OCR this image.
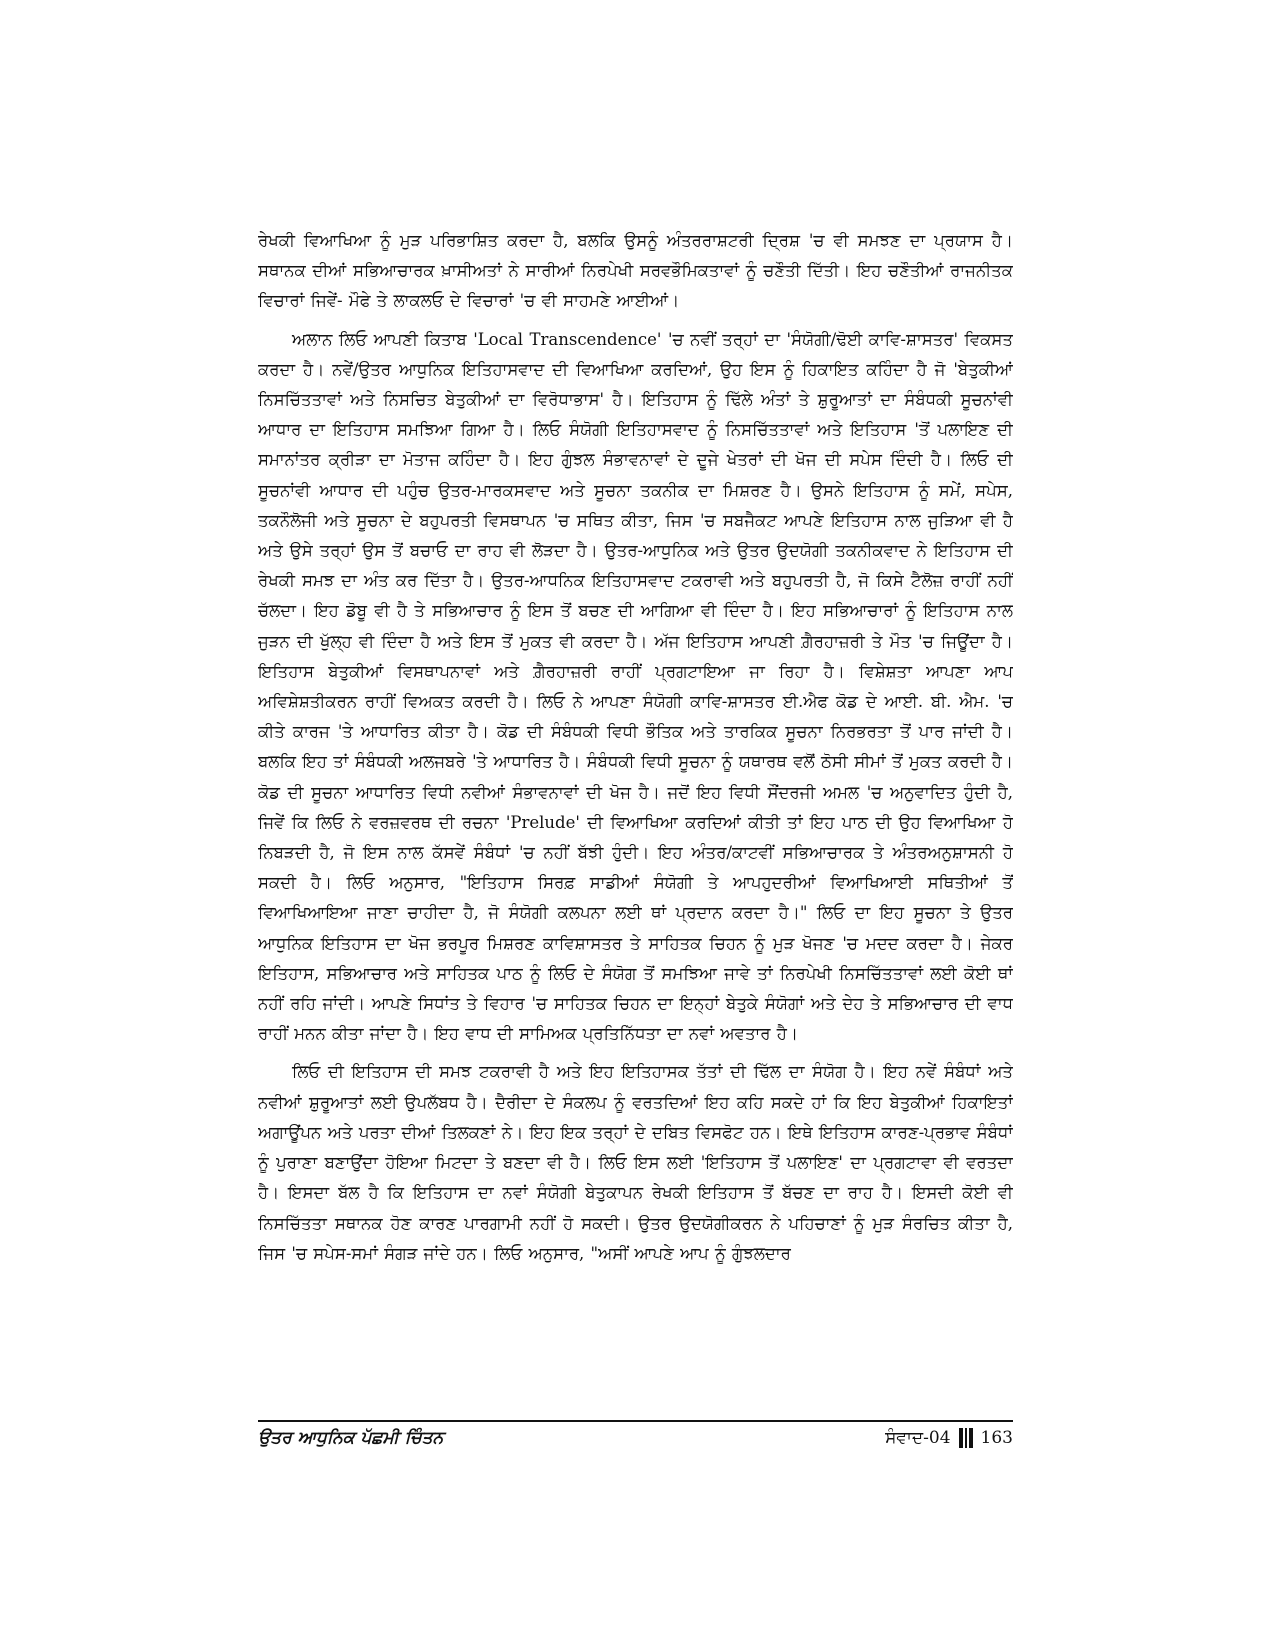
ਰੇਖਕੀ ਵਿਆਖਿਆ ਨੂੰ ਮੁੜ ਪਰਿਭਾਸ਼ਿਤ ਕਰਦਾ ਹੈ, ਬਲਕਿ ਉਸਨੂੰ ਅੰਤਰਰਾਸ਼ਟਰੀ ਦ੍ਰਿਸ਼ 'ਚ ਵੀ ਸਮਝਣ ਦਾ ਪ੍ਰਯਾਸ ਹੈ। ਸਥਾਨਕ ਦੀਆਂ ਸਭਿਆਚਾਰਕ ਖ਼ਾਸੀਅਤਾਂ ਨੇ ਸਾਰੀਆਂ ਨਿਰਪੇਖੀ ਸਰਵਭੌਮਿਕਤਾਵਾਂ ਨੂੰ ਚਣੌਤੀ ਦਿੱਤੀ। ਇਹ ਚਣੌਤੀਆਂ ਰਾਜਨੀਤਕ ਵਿਚਾਰਾਂ ਜਿਵੇਂ- ਮੌਫੇ ਤੇ ਲਾਕਲਓ ਦੇ ਵਿਚਾਰਾਂ 'ਚ ਵੀ ਸਾਹਮਣੇ ਆਈਆਂ।

ਅਲਾਨ ਲਿਓ ਆਪਣੀ ਕਿਤਾਬ 'Local Transcendence' 'ਚ ਨਵੀਂ ਤਰ੍ਹਾਂ ਦਾ 'ਸੰਯੋਗੀ/ਢੋਈ ਕਾਵਿ-ਸ਼ਾਸਤਰ' ਵਿਕਸਤ ਕਰਦਾ ਹੈ। ਨਵੇਂ/ਉਤਰ ਆਧੁਨਿਕ ਇਤਿਹਾਸਵਾਦ ਦੀ ਵਿਆਖਿਆ ਕਰਦਿਆਂ, ਉਹ ਇਸ ਨੂੰ ਹਿਕਾਇਤ ਕਹਿੰਦਾ ਹੈ ਜੋ 'ਬੇਤੁਕੀਆਂ ਨਿਸਚਿੱਤਤਾਵਾਂ ਅਤੇ ਨਿਸਚਿਤ ਬੇਤੁਕੀਆਂ ਦਾ ਵਿਰੋਧਾਭਾਸ' ਹੈ। ਇਤਿਹਾਸ ਨੂੰ ਢਿੱਲੇ ਅੰਤਾਂ ਤੇ ਸ਼ੁਰੂਆਤਾਂ ਦਾ ਸੰਬੰਧਕੀ ਸੂਚਨਾਂਵੀ ਆਧਾਰ ਦਾ ਇਤਿਹਾਸ ਸਮਝਿਆ ਗਿਆ ਹੈ। ਲਿਓ ਸੰਯੋਗੀ ਇਤਿਹਾਸਵਾਦ ਨੂੰ ਨਿਸਚਿੱਤਤਾਵਾਂ ਅਤੇ ਇਤਿਹਾਸ 'ਤੋਂ ਪਲਾਇਣ ਦੀ ਸਮਾਨਾਂਤਰ ਕ੍ਰੀੜਾ ਦਾ ਮੋਤਾਜ ਕਹਿੰਦਾ ਹੈ। ਇਹ ਗੁੰਝਲ ਸੰਭਾਵਨਾਵਾਂ ਦੇ ਦੂਜੇ ਖੇਤਰਾਂ ਦੀ ਖੋਜ ਦੀ ਸਪੇਸ ਦਿੰਦੀ ਹੈ। ਲਿਓ ਦੀ ਸੂਚਨਾਂਵੀ ਆਧਾਰ ਦੀ ਪਹੁੰਚ ਉਤਰ-ਮਾਰਕਸਵਾਦ ਅਤੇ ਸੂਚਨਾ ਤਕਨੀਕ ਦਾ ਮਿਸ਼ਰਣ ਹੈ। ਉਸਨੇ ਇਤਿਹਾਸ ਨੂੰ ਸਮੇਂ, ਸਪੇਸ, ਤਕਨੌਲੋਜੀ ਅਤੇ ਸੂਚਨਾ ਦੇ ਬਹੁਪਰਤੀ ਵਿਸਥਾਪਨ 'ਚ ਸਥਿਤ ਕੀਤਾ, ਜਿਸ 'ਚ ਸਬਜੈਕਟ ਆਪਣੇ ਇਤਿਹਾਸ ਨਾਲ ਜੁੜਿਆ ਵੀ ਹੈ ਅਤੇ ਉਸੇ ਤਰ੍ਹਾਂ ਉਸ ਤੋਂ ਬਚਾਓ ਦਾ ਰਾਹ ਵੀ ਲੋੜਦਾ ਹੈ। ਉਤਰ-ਆਧੁਨਿਕ ਅਤੇ ਉਤਰ ਉਦਯੋਗੀ ਤਕਨੀਕਵਾਦ ਨੇ ਇਤਿਹਾਸ ਦੀ ਰੇਖਕੀ ਸਮਝ ਦਾ ਅੰਤ ਕਰ ਦਿੱਤਾ ਹੈ। ਉਤਰ-ਆਧਨਿਕ ਇਤਿਹਾਸਵਾਦ ਟਕਰਾਵੀ ਅਤੇ ਬਹੁਪਰਤੀ ਹੈ, ਜੋ ਕਿਸੇ ਟੈਲੋਜ਼ ਰਾਹੀਂ ਨਹੀਂ ਚੱਲਦਾ। ਇਹ ਡੋਬੂ ਵੀ ਹੈ ਤੇ ਸਭਿਆਚਾਰ ਨੂੰ ਇਸ ਤੋਂ ਬਚਣ ਦੀ ਆਗਿਆ ਵੀ ਦਿੰਦਾ ਹੈ। ਇਹ ਸਭਿਆਚਾਰਾਂ ਨੂੰ ਇਤਿਹਾਸ ਨਾਲ ਜੁੜਨ ਦੀ ਖੁੱਲ੍ਹ ਵੀ ਦਿੰਦਾ ਹੈ ਅਤੇ ਇਸ ਤੋਂ ਮੁਕਤ ਵੀ ਕਰਦਾ ਹੈ। ਅੱਜ ਇਤਿਹਾਸ ਆਪਣੀ ਗ਼ੈਰਹਾਜ਼ਰੀ ਤੇ ਮੌਤ 'ਚ ਜਿਊਂਦਾ ਹੈ। ਇਤਿਹਾਸ ਬੇਤੁਕੀਆਂ ਵਿਸਥਾਪਨਾਵਾਂ ਅਤੇ ਗ਼ੈਰਹਾਜ਼ਰੀ ਰਾਹੀਂ ਪ੍ਰਗਟਾਇਆ ਜਾ ਰਿਹਾ ਹੈ। ਵਿਸ਼ੇਸ਼ਤਾ ਆਪਣਾ ਆਪ ਅਵਿਸ਼ੇਸ਼ਤੀਕਰਨ ਰਾਹੀਂ ਵਿਅਕਤ ਕਰਦੀ ਹੈ। ਲਿਓ ਨੇ ਆਪਣਾ ਸੰਯੋਗੀ ਕਾਵਿ-ਸ਼ਾਸਤਰ ਈ.ਐਫ ਕੋਡ ਦੇ ਆਈ. ਬੀ. ਐਮ. 'ਚ ਕੀਤੇ ਕਾਰਜ 'ਤੇ ਆਧਾਰਿਤ ਕੀਤਾ ਹੈ। ਕੋਡ ਦੀ ਸੰਬੰਧਕੀ ਵਿਧੀ ਭੌਤਿਕ ਅਤੇ ਤਾਰਕਿਕ ਸੂਚਨਾ ਨਿਰਭਰਤਾ ਤੋਂ ਪਾਰ ਜਾਂਦੀ ਹੈ। ਬਲਕਿ ਇਹ ਤਾਂ ਸੰਬੰਧਕੀ ਅਲਜਬਰੇ 'ਤੇ ਆਧਾਰਿਤ ਹੈ। ਸੰਬੰਧਕੀ ਵਿਧੀ ਸੂਚਨਾ ਨੂੰ ਯਥਾਰਥ ਵਲੋਂ ਠੋਸੀ ਸੀਮਾਂ ਤੋਂ ਮੁਕਤ ਕਰਦੀ ਹੈ। ਕੋਡ ਦੀ ਸੂਚਨਾ ਆਧਾਰਿਤ ਵਿਧੀ ਨਵੀਆਂ ਸੰਭਾਵਨਾਵਾਂ ਦੀ ਖੋਜ ਹੈ। ਜਦੋਂ ਇਹ ਵਿਧੀ ਸੌਂਦਰਜੀ ਅਮਲ 'ਚ ਅਨੁਵਾਦਿਤ ਹੁੰਦੀ ਹੈ, ਜਿਵੇਂ ਕਿ ਲਿਓ ਨੇ ਵਰਜ਼ਵਰਥ ਦੀ ਰਚਨਾ 'Prelude' ਦੀ ਵਿਆਖਿਆ ਕਰਦਿਆਂ ਕੀਤੀ ਤਾਂ ਇਹ ਪਾਠ ਦੀ ਉਹ ਵਿਆਖਿਆ ਹੋ ਨਿਬੜਦੀ ਹੈ, ਜੋ ਇਸ ਨਾਲ ਕੱਸਵੇਂ ਸੰਬੰਧਾਂ 'ਚ ਨਹੀਂ ਬੱਝੀ ਹੁੰਦੀ। ਇਹ ਅੰਤਰ/ਕਾਟਵੀਂ ਸਭਿਆਚਾਰਕ ਤੇ ਅੰਤਰਅਨੁਸ਼ਾਸਨੀ ਹੋ ਸਕਦੀ ਹੈ। ਲਿਓ ਅਨੁਸਾਰ, "ਇਤਿਹਾਸ ਸਿਰਫ਼ ਸਾਡੀਆਂ ਸੰਯੋਗੀ ਤੇ ਆਪਹੁਦਰੀਆਂ ਵਿਆਖਿਆਈ ਸਥਿਤੀਆਂ ਤੋਂ ਵਿਆਖਿਆਇਆ ਜਾਣਾ ਚਾਹੀਦਾ ਹੈ, ਜੋ ਸੰਯੋਗੀ ਕਲਪਨਾ ਲਈ ਥਾਂ ਪ੍ਰਦਾਨ ਕਰਦਾ ਹੈ।" ਲਿਓ ਦਾ ਇਹ ਸੂਚਨਾ ਤੇ ਉਤਰ ਆਧੁਨਿਕ ਇਤਿਹਾਸ ਦਾ ਖੋਜ ਭਰਪੂਰ ਮਿਸ਼ਰਣ ਕਾਵਿਸ਼ਾਸਤਰ ਤੇ ਸਾਹਿਤਕ ਚਿਹਨ ਨੂੰ ਮੁੜ ਖੋਜਣ 'ਚ ਮਦਦ ਕਰਦਾ ਹੈ। ਜੇਕਰ ਇਤਿਹਾਸ, ਸਭਿਆਚਾਰ ਅਤੇ ਸਾਹਿਤਕ ਪਾਠ ਨੂੰ ਲਿਓ ਦੇ ਸੰਯੋਗ ਤੋਂ ਸਮਝਿਆ ਜਾਵੇ ਤਾਂ ਨਿਰਪੇਖੀ ਨਿਸਚਿੱਤਤਾਵਾਂ ਲਈ ਕੋਈ ਥਾਂ ਨਹੀਂ ਰਹਿ ਜਾਂਦੀ। ਆਪਣੇ ਸਿਧਾਂਤ ਤੇ ਵਿਹਾਰ 'ਚ ਸਾਹਿਤਕ ਚਿਹਨ ਦਾ ਇਨ੍ਹਾਂ ਬੇਤੁਕੇ ਸੰਯੋਗਾਂ ਅਤੇ ਦੇਹ ਤੇ ਸਭਿਆਚਾਰ ਦੀ ਵਾਧ ਰਾਹੀਂ ਮਨਨ ਕੀਤਾ ਜਾਂਦਾ ਹੈ। ਇਹ ਵਾਧ ਦੀ ਸਾਮਿਅਕ ਪ੍ਰਤਿਨਿੱਧਤਾ ਦਾ ਨਵਾਂ ਅਵਤਾਰ ਹੈ।

ਲਿਓ ਦੀ ਇਤਿਹਾਸ ਦੀ ਸਮਝ ਟਕਰਾਵੀ ਹੈ ਅਤੇ ਇਹ ਇਤਿਹਾਸਕ ਤੱਤਾਂ ਦੀ ਢਿੱਲ ਦਾ ਸੰਯੋਗ ਹੈ। ਇਹ ਨਵੇਂ ਸੰਬੰਧਾਂ ਅਤੇ ਨਵੀਆਂ ਸ਼ੁਰੂਆਤਾਂ ਲਈ ਉਪਲੱਬਧ ਹੈ। ਦੈਰੀਦਾ ਦੇ ਸੰਕਲਪ ਨੂੰ ਵਰਤਦਿਆਂ ਇਹ ਕਹਿ ਸਕਦੇ ਹਾਂ ਕਿ ਇਹ ਬੇਤੁਕੀਆਂ ਹਿਕਾਇਤਾਂ ਅਗਾਊਂਪਨ ਅਤੇ ਪਰਤਾ ਦੀਆਂ ਤਿਲਕਣਾਂ ਨੇ। ਇਹ ਇਕ ਤਰ੍ਹਾਂ ਦੇ ਦਬਿਤ ਵਿਸਫੋਟ ਹਨ। ਇਥੇ ਇਤਿਹਾਸ ਕਾਰਣ-ਪ੍ਰਭਾਵ ਸੰਬੰਧਾਂ ਨੂੰ ਪੁਰਾਣਾ ਬਣਾਉਂਦਾ ਹੋਇਆ ਮਿਟਦਾ ਤੇ ਬਣਦਾ ਵੀ ਹੈ। ਲਿਓ ਇਸ ਲਈ 'ਇਤਿਹਾਸ ਤੋਂ ਪਲਾਇਣ' ਦਾ ਪ੍ਰਗਟਾਵਾ ਵੀ ਵਰਤਦਾ ਹੈ। ਇਸਦਾ ਬੱਲ ਹੈ ਕਿ ਇਤਿਹਾਸ ਦਾ ਨਵਾਂ ਸੰਯੋਗੀ ਬੇਤੁਕਾਪਨ ਰੇਖਕੀ ਇਤਿਹਾਸ ਤੋਂ ਬੱਚਣ ਦਾ ਰਾਹ ਹੈ। ਇਸਦੀ ਕੋਈ ਵੀ ਨਿਸਚਿੱਤਤਾ ਸਥਾਨਕ ਹੋਣ ਕਾਰਣ ਪਾਰਗਾਮੀ ਨਹੀਂ ਹੋ ਸਕਦੀ। ਉਤਰ ਉਦਯੋਗੀਕਰਨ ਨੇ ਪਹਿਚਾਣਾਂ ਨੂੰ ਮੁੜ ਸੰਰਚਿਤ ਕੀਤਾ ਹੈ, ਜਿਸ 'ਚ ਸਪੇਸ-ਸਮਾਂ ਸੰਗੜ ਜਾਂਦੇ ਹਨ। ਲਿਓ ਅਨੁਸਾਰ, "ਅਸੀਂ ਆਪਣੇ ਆਪ ਨੂੰ ਗੁੰਝਲਦਾਰ

ਉਤਰ ਆਧੁਨਿਕ ਪੱਛਮੀ ਚਿੰਤਨ	ਸੰਵਾਦ-04 163
